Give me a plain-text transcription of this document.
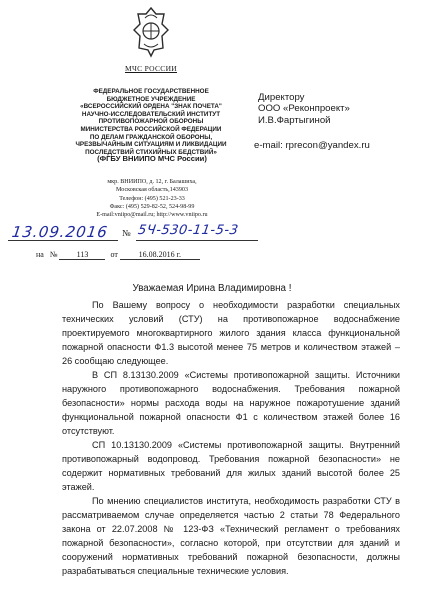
МЧС РОССИИ
ФЕДЕРАЛЬНОЕ ГОСУДАРСТВЕННОЕ
БЮДЖЕТНОЕ УЧРЕЖДЕНИЕ
«ВСЕРОССИЙСКИЙ ОРДЕНА "ЗНАК ПОЧЕТА"
НАУЧНО-ИССЛЕДОВАТЕЛЬСКИЙ ИНСТИТУТ
ПРОТИВОПОЖАРНОЙ ОБОРОНЫ
МИНИСТЕРСТВА РОССИЙСКОЙ ФЕДЕРАЦИИ
ПО ДЕЛАМ ГРАЖДАНСКОЙ ОБОРОНЫ,
ЧРЕЗВЫЧАЙНЫМ СИТУАЦИЯМ И ЛИКВИДАЦИИ
ПОСЛЕДСТВИЙ СТИХИЙНЫХ БЕДСТВИЙ»
(ФГБУ ВНИИПО МЧС России)
мкр. ВНИИПО, д. 12, г. Балашиха,
Московская область,143903
Телефон: (495) 521-23-33
Факс: (495) 529-82-52, 524-98-99
E-mail:vniipo@mail.ru; http://www.vniipo.ru
13.09.2016 № 5Ч-530-11-5-3
на № 113	от	16.08.2016 г.
Директору
ООО «Реконпроект»
И.В.Фартыгиной
e-mail: rprecon@yandex.ru
Уважаемая Ирина Владимировна !

По Вашему вопросу о необходимости разработки специальных технических условий (СТУ) на противопожарное водоснабжение проектируемого многоквартирного жилого здания класса функциональной пожарной опасности Ф1.3 высотой менее 75 метров и количеством этажей – 26 сообщаю следующее.

В СП 8.13130.2009 «Системы противопожарной защиты. Источники наружного противопожарного водоснабжения. Требования пожарной безопасности» нормы расхода воды на наружное пожаротушение зданий функциональной пожарной опасности Ф1 с количеством этажей более 16 отсутствуют.

СП 10.13130.2009 «Системы противопожарной защиты. Внутренний противопожарный водопровод. Требования пожарной безопасности» не содержит нормативных требований для жилых зданий высотой более 25 этажей.

По мнению специалистов института, необходимость разработки СТУ в рассматриваемом случае определяется частью 2 статьи 78 Федерального закона от 22.07.2008 № 123-ФЗ «Технический регламент о требованиях пожарной безопасности», согласно которой, при отсутствии для зданий и сооружений нормативных требований пожарной безопасности, должны разрабатываться специальные технические условия.
